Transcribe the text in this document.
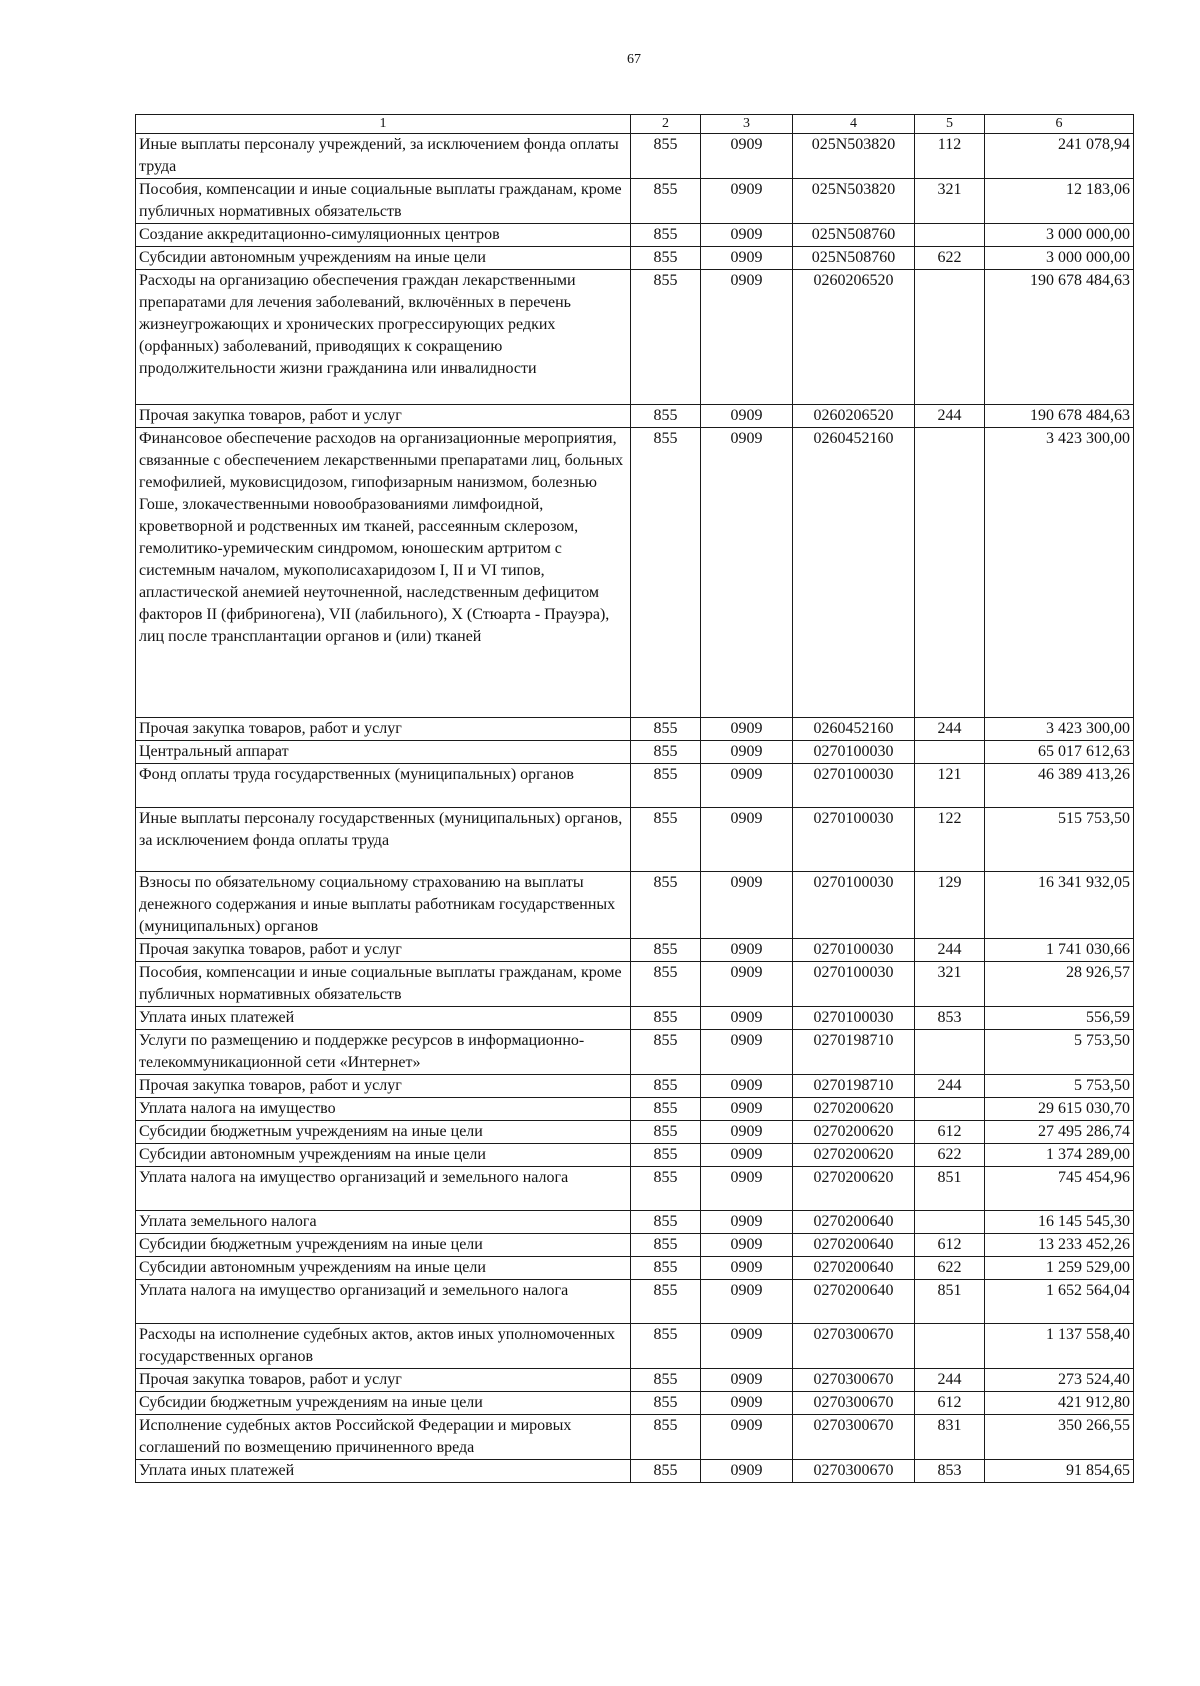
67
1	2	3	4	5	6
Иные выплаты персоналу учреждений, за исключением фонда оплаты труда	855	0909	025N503820	112	241 078,94
Пособия, компенсации и иные социальные выплаты гражданам, кроме публичных нормативных обязательств	855	0909	025N503820	321	12 183,06
Создание аккредитационно-симуляционных центров	855	0909	025N508760		3 000 000,00
Субсидии автономным учреждениям на иные цели	855	0909	025N508760	622	3 000 000,00
Расходы на организацию обеспечения граждан лекарственными препаратами для лечения заболеваний, включённых в перечень жизнеугрожающих и хронических прогрессирующих редких (орфанных) заболеваний, приводящих к сокращению продолжительности жизни гражданина или инвалидности	855	0909	0260206520		190 678 484,63
Прочая закупка товаров, работ и услуг	855	0909	0260206520	244	190 678 484,63
Финансовое обеспечение расходов на организационные мероприятия, связанные с обеспечением лекарственными препаратами лиц, больных гемофилией, муковисцидозом, гипофизарным нанизмом, болезнью Гоше, злокачественными новообразованиями лимфоидной, кроветворной и родственных им тканей, рассеянным склерозом, гемолитико-уремическим синдромом, юношеским артритом с системным началом, мукополисахаридозом I, II и VI типов, апластической анемией неуточненной, наследственным дефицитом факторов II (фибриногена), VII (лабильного), X (Стюарта - Прауэра), лиц после трансплантации органов и (или) тканей	855	0909	0260452160		3 423 300,00
Прочая закупка товаров, работ и услуг	855	0909	0260452160	244	3 423 300,00
Центральный аппарат	855	0909	0270100030		65 017 612,63
Фонд оплаты труда государственных (муниципальных) органов	855	0909	0270100030	121	46 389 413,26
Иные выплаты персоналу государственных (муниципальных) органов, за исключением фонда оплаты труда	855	0909	0270100030	122	515 753,50
Взносы по обязательному социальному страхованию на выплаты денежного содержания и иные выплаты работникам государственных (муниципальных) органов	855	0909	0270100030	129	16 341 932,05
Прочая закупка товаров, работ и услуг	855	0909	0270100030	244	1 741 030,66
Пособия, компенсации и иные социальные выплаты гражданам, кроме публичных нормативных обязательств	855	0909	0270100030	321	28 926,57
Уплата иных платежей	855	0909	0270100030	853	556,59
Услуги по размещению и поддержке ресурсов в информационно-телекоммуникационной сети «Интернет»	855	0909	0270198710		5 753,50
Прочая закупка товаров, работ и услуг	855	0909	0270198710	244	5 753,50
Уплата налога на имущество	855	0909	0270200620		29 615 030,70
Субсидии бюджетным учреждениям на иные цели	855	0909	0270200620	612	27 495 286,74
Субсидии автономным учреждениям на иные цели	855	0909	0270200620	622	1 374 289,00
Уплата налога на имущество организаций и земельного налога	855	0909	0270200620	851	745 454,96
Уплата земельного налога	855	0909	0270200640		16 145 545,30
Субсидии бюджетным учреждениям на иные цели	855	0909	0270200640	612	13 233 452,26
Субсидии автономным учреждениям на иные цели	855	0909	0270200640	622	1 259 529,00
Уплата налога на имущество организаций и земельного налога	855	0909	0270200640	851	1 652 564,04
Расходы на исполнение судебных актов, актов иных уполномоченных государственных органов	855	0909	0270300670		1 137 558,40
Прочая закупка товаров, работ и услуг	855	0909	0270300670	244	273 524,40
Субсидии бюджетным учреждениям на иные цели	855	0909	0270300670	612	421 912,80
Исполнение судебных актов Российской Федерации и мировых соглашений по возмещению причиненного вреда	855	0909	0270300670	831	350 266,55
Уплата иных платежей	855	0909	0270300670	853	91 854,65
